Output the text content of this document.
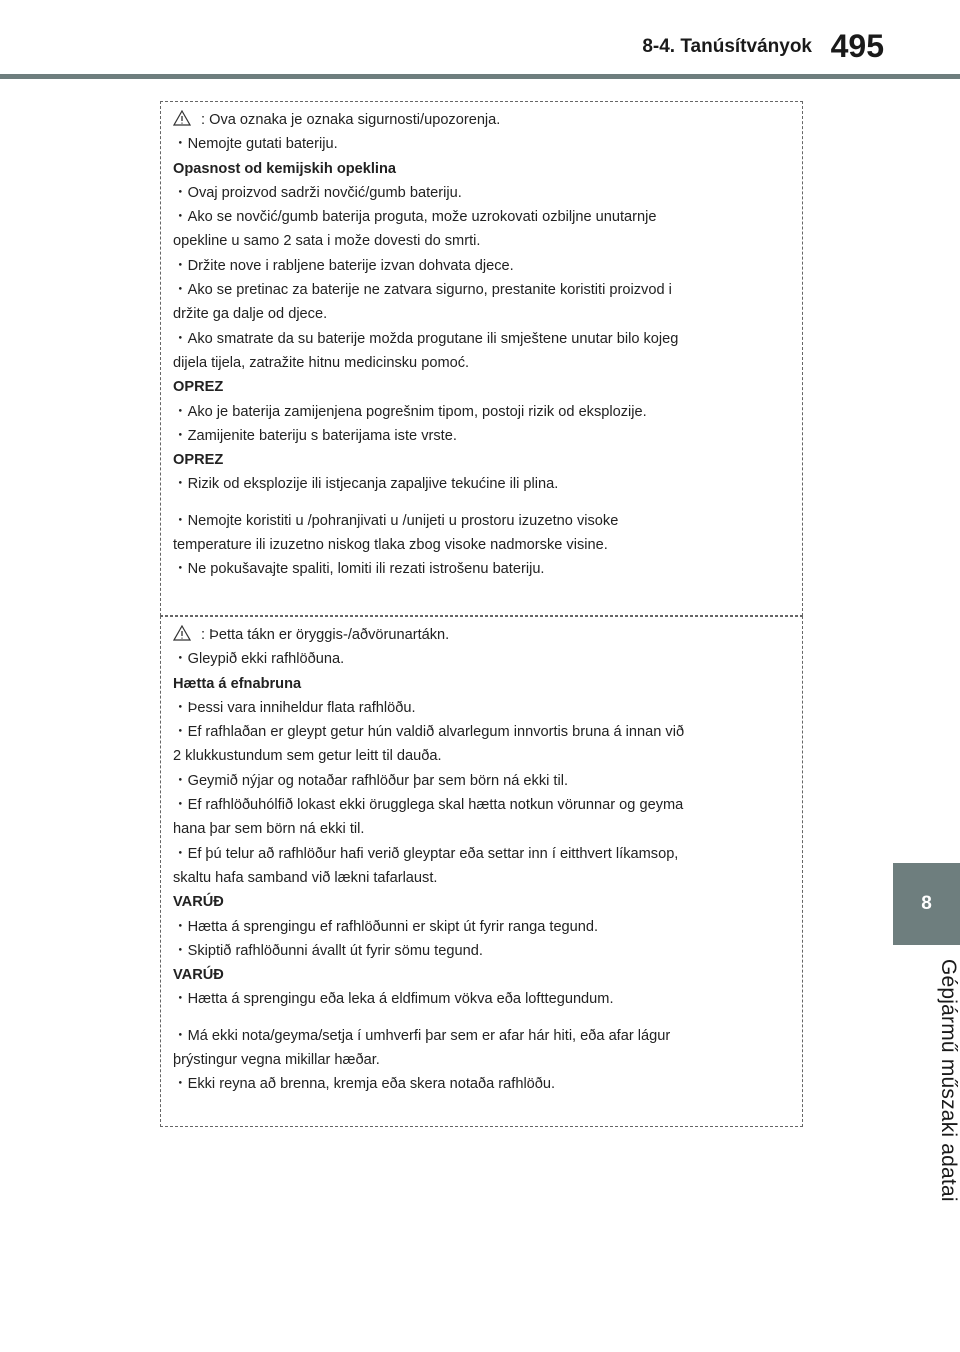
8-4. Tanúsítványok 495
8
Gépjármű műszaki adatai
: Ova oznaka je oznaka sigurnosti/upozorenja.
・Nemojte gutati bateriju.
Opasnost od kemijskih opeklina
・Ovaj proizvod sadrži novčić/gumb bateriju.
・Ako se novčić/gumb baterija proguta, može uzrokovati ozbiljne unutarnje
opekline u samo 2 sata i može dovesti do smrti.
・Držite nove i rabljene baterije izvan dohvata djece.
・Ako se pretinac za baterije ne zatvara sigurno, prestanite koristiti proizvod i
držite ga dalje od djece.
・Ako smatrate da su baterije možda progutane ili smještene unutar bilo kojeg
dijela tijela, zatražite hitnu medicinsku pomoć.
OPREZ
・Ako je baterija zamijenjena pogrešnim tipom, postoji rizik od eksplozije.
・Zamijenite bateriju s baterijama iste vrste.
OPREZ
・Rizik od eksplozije ili istjecanja zapaljive tekućine ili plina.
・Nemojte koristiti u /pohranjivati u /unijeti u prostoru izuzetno visoke
temperature ili izuzetno niskog tlaka zbog visoke nadmorske visine.
・Ne pokušavajte spaliti, lomiti ili rezati istrošenu bateriju.
: Þetta tákn er öryggis-/aðvörunartákn.
・Gleypið ekki rafhlöðuna.
Hætta á efnabruna
・Þessi vara inniheldur flata rafhlöðu.
・Ef rafhlaðan er gleypt getur hún valdið alvarlegum innvortis bruna á innan við
2 klukkustundum sem getur leitt til dauða.
・Geymið nýjar og notaðar rafhlöður þar sem börn ná ekki til.
・Ef rafhlöðuhólfið lokast ekki örugglega skal hætta notkun vörunnar og geyma
hana þar sem börn ná ekki til.
・Ef þú telur að rafhlöður hafi verið gleyptar eða settar inn í eitthvert líkamsop,
skaltu hafa samband við lækni tafarlaust.
VARÚÐ
・Hætta á sprengingu ef rafhlöðunni er skipt út fyrir ranga tegund.
・Skiptið rafhlöðunni ávallt út fyrir sömu tegund.
VARÚÐ
・Hætta á sprengingu eða leka á eldfimum vökva eða lofttegundum.
・Má ekki nota/geyma/setja í umhverfi þar sem er afar hár hiti, eða afar lágur
þrýstingur vegna mikillar hæðar.
・Ekki reyna að brenna, kremja eða skera notaða rafhlöðu.
